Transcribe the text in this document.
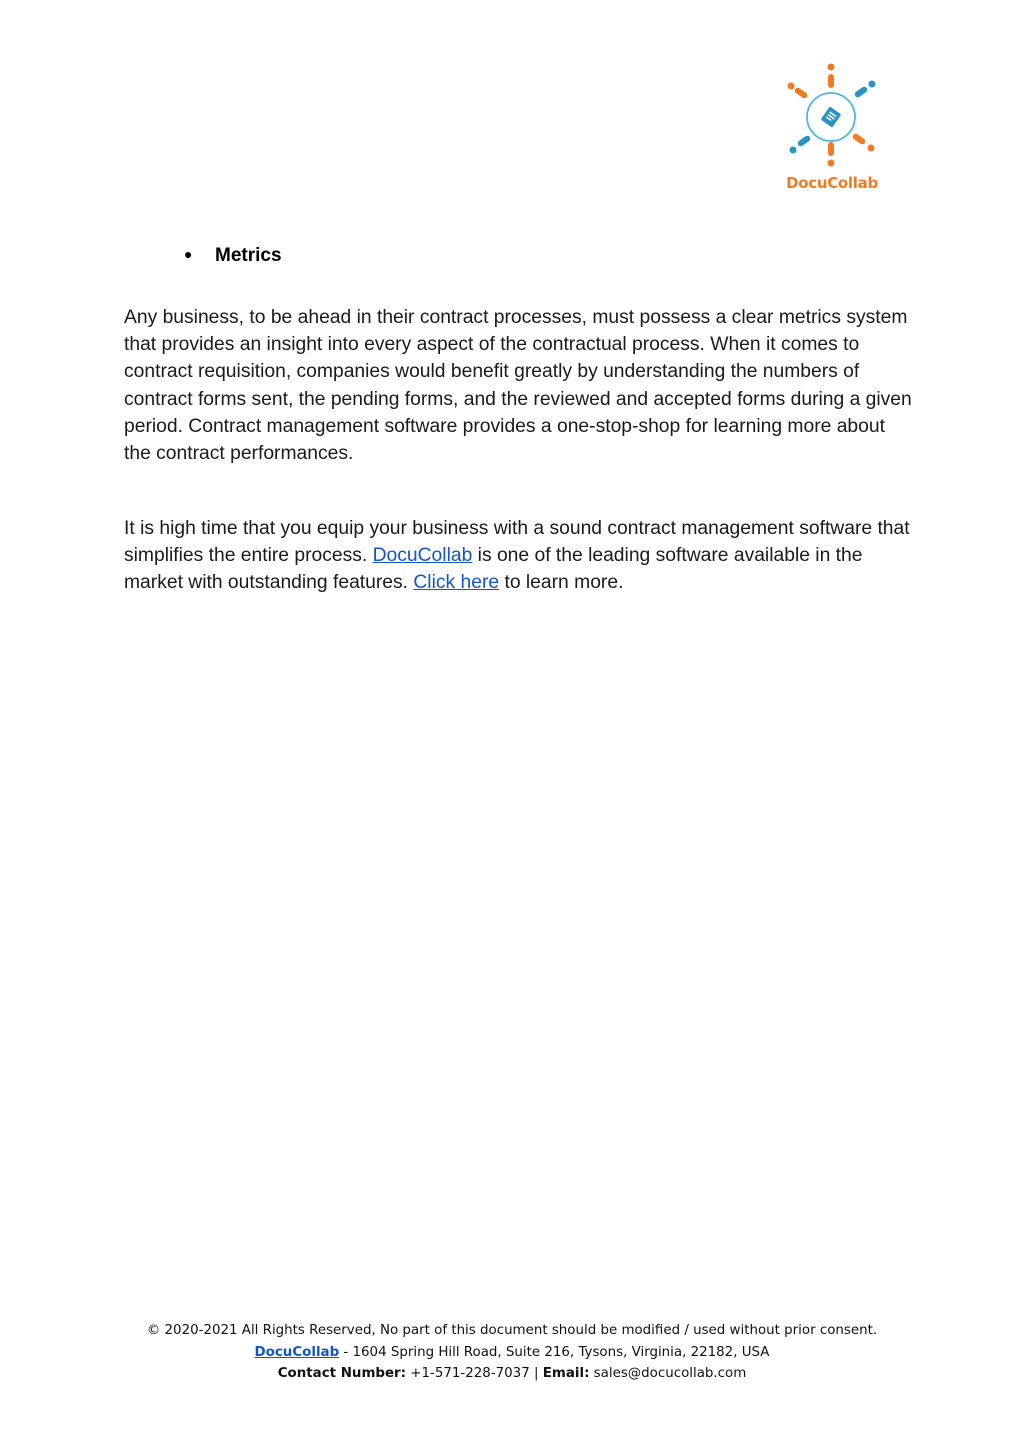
DocuCollab
● Metrics
Any business, to be ahead in their contract processes, must possess a clear metrics system that provides an insight into every aspect of the contractual process. When it comes to contract requisition, companies would benefit greatly by understanding the numbers of contract forms sent, the pending forms, and the reviewed and accepted forms during a given period. Contract management software provides a one-stop-shop for learning more about the contract performances.
It is high time that you equip your business with a sound contract management software that simplifies the entire process. DocuCollab is one of the leading software available in the market with outstanding features. Click here to learn more.
© 2020-2021 All Rights Reserved, No part of this document should be modified / used without prior consent.
DocuCollab - 1604 Spring Hill Road, Suite 216, Tysons, Virginia, 22182, USA
Contact Number: +1-571-228-7037 | Email: sales@docucollab.com
